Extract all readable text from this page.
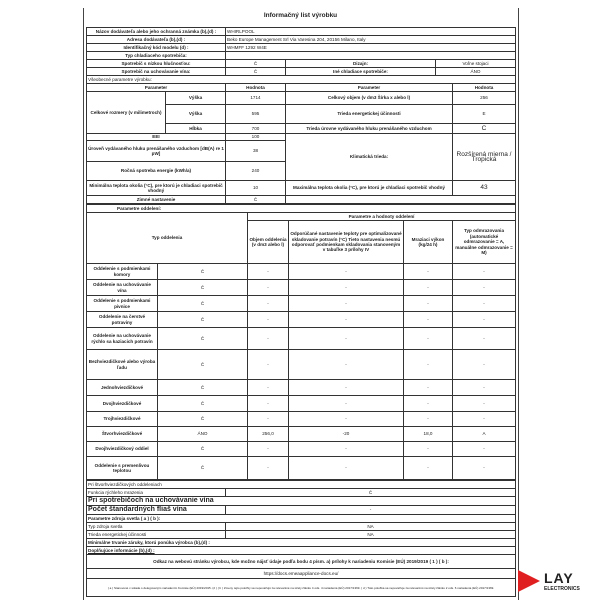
Informačný list výrobku
Názov dodávateľa alebo jeho ochranná známka (b),(d) :		WHIRLPOOL			
Adresa dodávateľa (b),(d) :		Beko Europe Management Srl Via Varesina 204, 20156 Milano, Italy			
Identifikačný kód modelu (d) :		WHMFF 1292 W4E			
Typ chladiaceho spotrebiča:					
Spotrebič s nízkou hlučnosťou:		Č	Dizajn:	Voľne stojaci	
Spotrebič na uchovávanie vína:		Č	Iné chladiace spotrebiče:	ÁNO	
Všeobecné parametre výrobku:					
Parameter		Hodnota	Parameter		Hodnota
Celkové rozmery (v milimetroch)	Výška	1714	Celkový objem (v dm3 Šírka x alebo l)		256
	Výška	595	Trieda energetickej účinnosti		E
	Hĺbka	700	Trieda úrovne vydávaného hluku prenášaného vzduchom		C
EEI		100	Klimatická trieda:		Rozšírená mierna / Tropická
Úroveň vydávaného hluku prenášaného vzduchom [dB(A) re 1 pW]		38			
Ročná spotreba energie (kWh/a)		240			
Minimálna teplota okolia (°C), pre ktorú je chladiaci spotrebič vhodný		10	Maximálna teplota okolia (°C), pre ktorú je chladiaci spotrebič vhodný		43
Zimné nastavenie		Č			
Parametre oddelení:					
Typ oddelenia		Parametre a hodnoty oddelení			
		Objem oddelenia (v dm3 alebo l)	Odporúčané nastavenie teploty pre optimalizované skladovanie potravín (°C) Tieto nastavenia nesmú odporovať podmienkam skladovania stanoveným v tabuľke 3 prílohy IV	Mraziaci výkon (kg/24 h)	Typ odmrazovania (automatické odmrazovanie = A, manuálne odmrazovanie = M)
Oddelenie s podmienkami komory	Č	-	-	-	-
Oddelenie na uchovávanie vína	Č	-	-	-	-
Oddelenie s podmienkami pivnice	Č	-	-	-	-
Oddelenie na čerstvé potraviny	Č	-	-	-	-
Oddelenie na uchovávanie rýchlo sa kaziacich potravín	Č	-	-	-	-
Bezhviezdičkové alebo výroba ľadu	Č	-	-	-	-
Jednohviezdičkové	Č	-	-	-	-
Dvojhviezdičkové	Č	-	-	-	-
Trojhviezdičkové	Č	-	-	-	-
Štvorhviezdičkové	ÁNO	256,0	-20	18,0	A
Dvojhviezdičkový oddiel	Č	-	-	-	-
Oddelenie s premenlivou teplotou	Č	-	-	-	-
Pri štvorhviezdičkových oddeleniach	
Funkcia rýchleho mrazenia	Č
Pri spotrebičoch na uchovávanie vína	
Počet štandardných fliaš vína	-
Parametre zdroja svetla ( a ) ( b ):	
Typ zdroja svetla	NA
Trieda energetickej účinnosti	NA
Minimálne trvanie záruky, ktorú ponúka výrobca (b),(d) :	
Doplňujúce informácie (b),(d) :	
Odkaz na webovú stránku výrobcu, kde možno nájsť údaje podľa bodu 4 písm. a) prílohy k nariadeniu Komisie (EÚ) 2019/2019 ( 1 ) ( b ):	
https://docs.emeaappliance-docs.eu/	
( a ) Stanovené v súlade s delegovaným nariadením Komisie (EÚ) 2019/2015. (2 ) ( b ) Zmeny tejto položky sa nepovažujú za relevantné na účely článku 4 ods. 4 nariadenia (EÚ) 2017/1369. ( d ) Táto položka sa nepovažuje za relevantnú na účely článku 2 ods. 6 nariadenia (EÚ) 2017/1369.	
LAY
ELECTRONICS
